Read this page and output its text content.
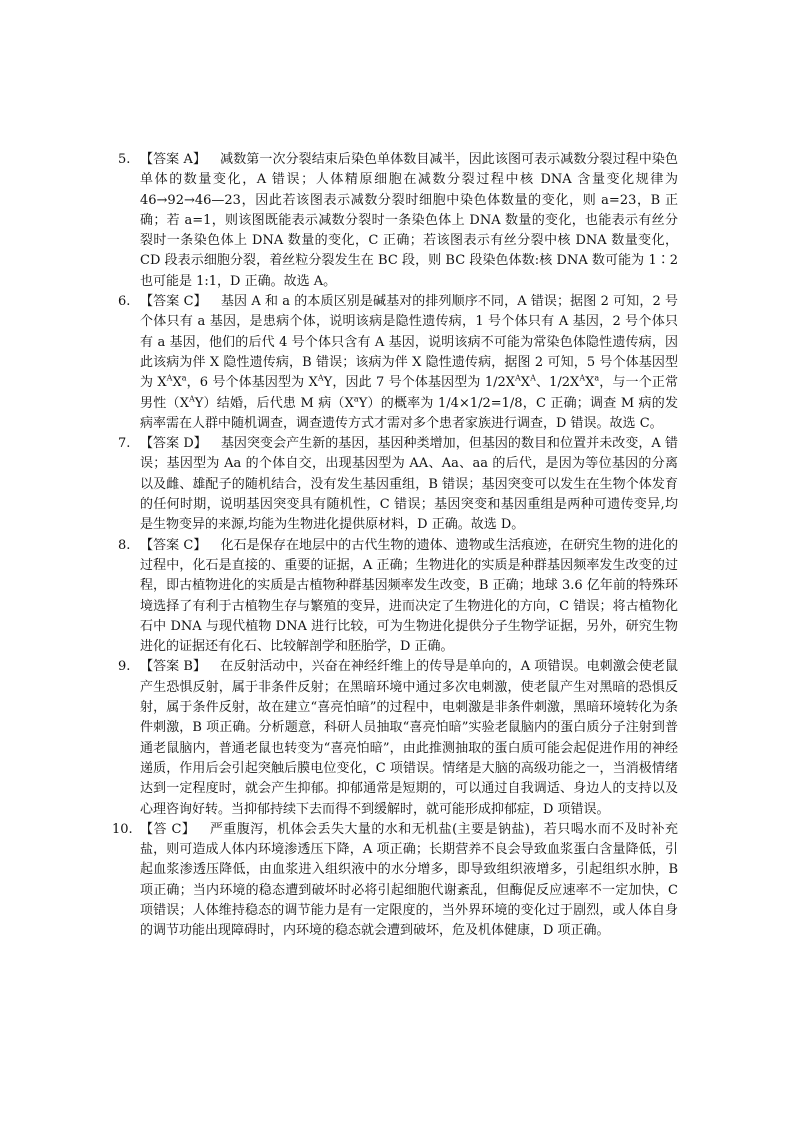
5. 【答案 A】 减数第一次分裂结束后染色单体数目减半，因此该图可表示减数分裂过程中染色单体的数量变化，A 错误；人体精原细胞在减数分裂过程中核 DNA 含量变化规律为 46→92→46—23，因此若该图表示减数分裂时细胞中染色体数量的变化，则 a=23，B 正确；若 a=1，则该图既能表示减数分裂时一条染色体上 DNA 数量的变化，也能表示有丝分裂时一条染色体上 DNA 数量的变化，C 正确；若该图表示有丝分裂中核 DNA 数量变化，CD 段表示细胞分裂，着丝粒分裂发生在 BC 段，则 BC 段染色体数:核 DNA 数可能为 1∶2 也可能是 1:1，D 正确。故选 A。

6. 【答案 C】 基因 A 和 a 的本质区别是碱基对的排列顺序不同，A 错误；据图 2 可知，2 号个体只有 a 基因，是患病个体，说明该病是隐性遗传病，1 号个体只有 A 基因，2 号个体只有 a 基因，他们的后代 4 号个体只含有 A 基因，说明该病不可能为常染色体隐性遗传病，因此该病为伴 X 隐性遗传病，B 错误；该病为伴 X 隐性遗传病，据图 2 可知，5 号个体基因型为 $X^AX^a$，6 号个体基因型为 $X^AY$，因此 7 号个体基因型为 $1/2X^AX^A$、$1/2X^AX^a$，与一个正常男性$(X^AY)$结婚，后代患 M 病$(X^aY)$的概率为 1/4×1/2=1/8，C 正确；调查 M 病的发病率需在人群中随机调查，调查遗传方式才需对多个患者家族进行调查，D 错误。故选 C。

7. 【答案 D】 基因突变会产生新的基因，基因种类增加，但基因的数目和位置并未改变，A 错误；基因型为 Aa 的个体自交，出现基因型为 AA、Aa、aa 的后代，是因为等位基因的分离以及雌、雄配子的随机结合，没有发生基因重组，B 错误；基因突变可以发生在生物个体发育的任何时期，说明基因突变具有随机性，C 错误；基因突变和基因重组是两种可遗传变异,均是生物变异的来源,均能为生物进化提供原材料，D 正确。故选 D。

8. 【答案 C】 化石是保存在地层中的古代生物的遗体、遗物或生活痕迹，在研究生物的进化的过程中，化石是直接的、重要的证据，A 正确；生物进化的实质是种群基因频率发生改变的过程，即古植物进化的实质是古植物种群基因频率发生改变，B 正确；地球 3.6 亿年前的特殊环境选择了有利于古植物生存与繁殖的变异，进而决定了生物进化的方向，C 错误；将古植物化石中 DNA 与现代植物 DNA 进行比较，可为生物进化提供分子生物学证据，另外，研究生物进化的证据还有化石、比较解剖学和胚胎学，D 正确。

9. 【答案 B】 在反射活动中，兴奋在神经纤维上的传导是单向的，A 项错误。电刺激会使老鼠产生恐惧反射，属于非条件反射；在黑暗环境中通过多次电刺激，使老鼠产生对黑暗的恐惧反射，属于条件反射，故在建立“喜亮怕暗”的过程中，电刺激是非条件刺激，黑暗环境转化为条件刺激，B 项正确。分析题意，科研人员抽取“喜亮怕暗”实验老鼠脑内的蛋白质分子注射到普通老鼠脑内，普通老鼠也转变为“喜亮怕暗”，由此推测抽取的蛋白质可能会起促进作用的神经递质，作用后会引起突触后膜电位变化，C 项错误。情绪是大脑的高级功能之一，当消极情绪达到一定程度时，就会产生抑郁。抑郁通常是短期的，可以通过自我调适、身边人的支持以及心理咨询好转。当抑郁持续下去而得不到缓解时，就可能形成抑郁症，D 项错误。

10. 【答 C】 严重腹泻，机体会丢失大量的水和无机盐(主要是钠盐)，若只喝水而不及时补充盐，则可造成人体内环境渗透压下降，A 项正确；长期营养不良会导致血浆蛋白含量降低，引起血浆渗透压降低，由血浆进入组织液中的水分增多，即导致组织液增多，引起组织水肿，B 项正确；当内环境的稳态遭到破坏时必将引起细胞代谢紊乱，但酶促反应速率不一定加快，C 项错误；人体维持稳态的调节能力是有一定限度的，当外界环境的变化过于剧烈，或人体自身的调节功能出现障碍时，内环境的稳态就会遭到破坏，危及机体健康，D 项正确。
